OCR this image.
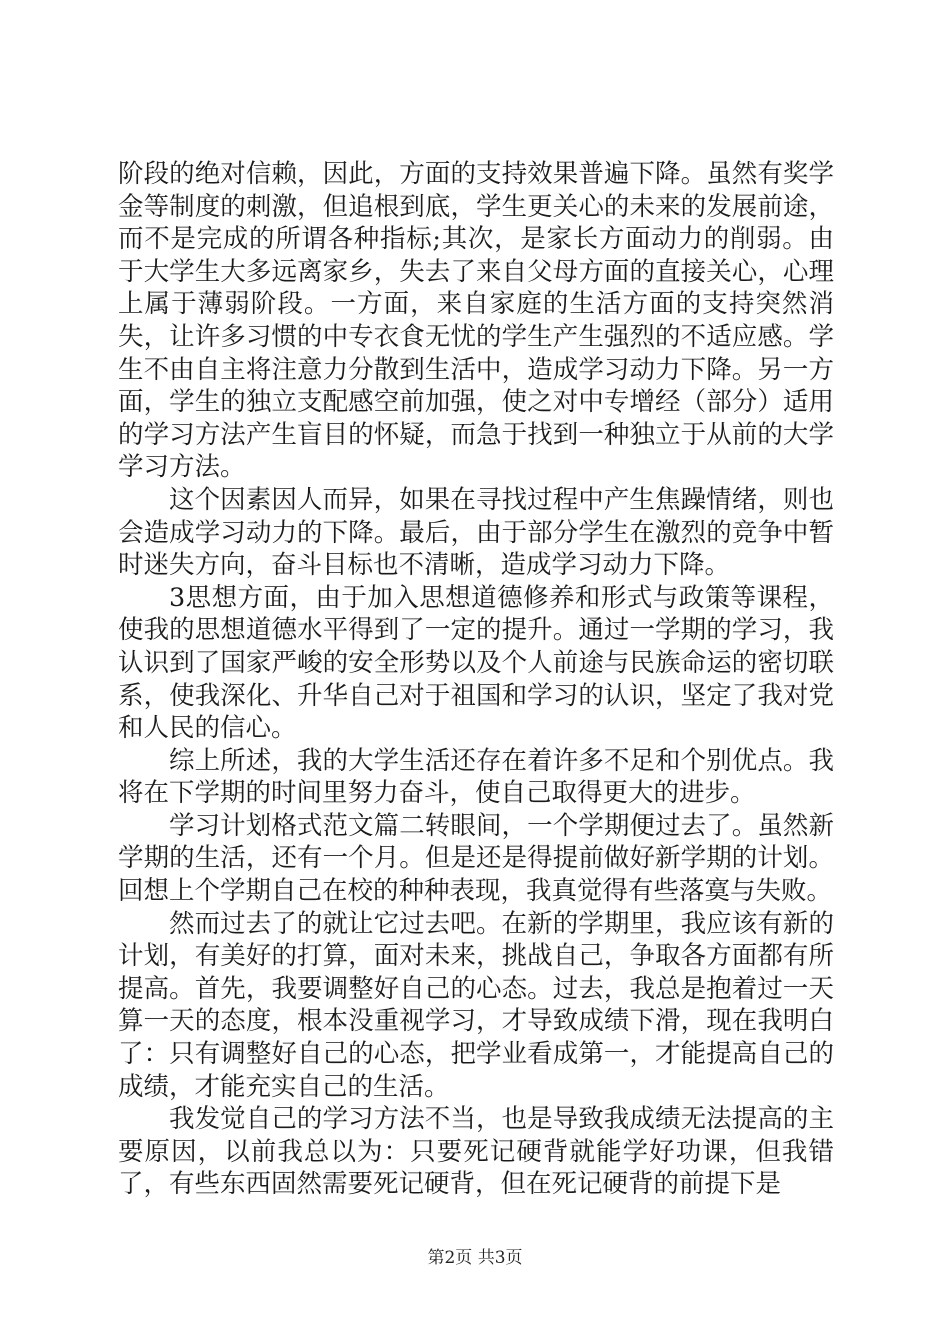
阶段的绝对信赖，因此，方面的支持效果普遍下降。虽然有奖学金等制度的刺激，但追根到底，学生更关心的未来的发展前途，而不是完成的所谓各种指标;其次，是家长方面动力的削弱。由于大学生大多远离家乡，失去了来自父母方面的直接关心，心理上属于薄弱阶段。一方面，来自家庭的生活方面的支持突然消失，让许多习惯的中专衣食无忧的学生产生强烈的不适应感。学生不由自主将注意力分散到生活中，造成学习动力下降。另一方面，学生的独立支配感空前加强，使之对中专增经（部分）适用的学习方法产生盲目的怀疑，而急于找到一种独立于从前的大学学习方法。

这个因素因人而异，如果在寻找过程中产生焦躁情绪，则也会造成学习动力的下降。最后，由于部分学生在激烈的竞争中暂时迷失方向，奋斗目标也不清晰，造成学习动力下降。

3思想方面，由于加入思想道德修养和形式与政策等课程，使我的思想道德水平得到了一定的提升。通过一学期的学习，我认识到了国家严峻的安全形势以及个人前途与民族命运的密切联系，使我深化、升华自己对于祖国和学习的认识，坚定了我对党和人民的信心。

综上所述，我的大学生活还存在着许多不足和个别优点。我将在下学期的时间里努力奋斗，使自己取得更大的进步。

学习计划格式范文篇二转眼间，一个学期便过去了。虽然新学期的生活，还有一个月。但是还是得提前做好新学期的计划。回想上个学期自己在校的种种表现，我真觉得有些落寞与失败。

然而过去了的就让它过去吧。在新的学期里，我应该有新的计划，有美好的打算，面对未来，挑战自己，争取各方面都有所提高。首先，我要调整好自己的心态。过去，我总是抱着过一天算一天的态度，根本没重视学习，才导致成绩下滑，现在我明白了：只有调整好自己的心态，把学业看成第一，才能提高自己的成绩，才能充实自己的生活。

我发觉自己的学习方法不当，也是导致我成绩无法提高的主要原因，以前我总以为：只要死记硬背就能学好功课，但我错了，有些东西固然需要死记硬背，但在死记硬背的前提下是

第2页 共3页
